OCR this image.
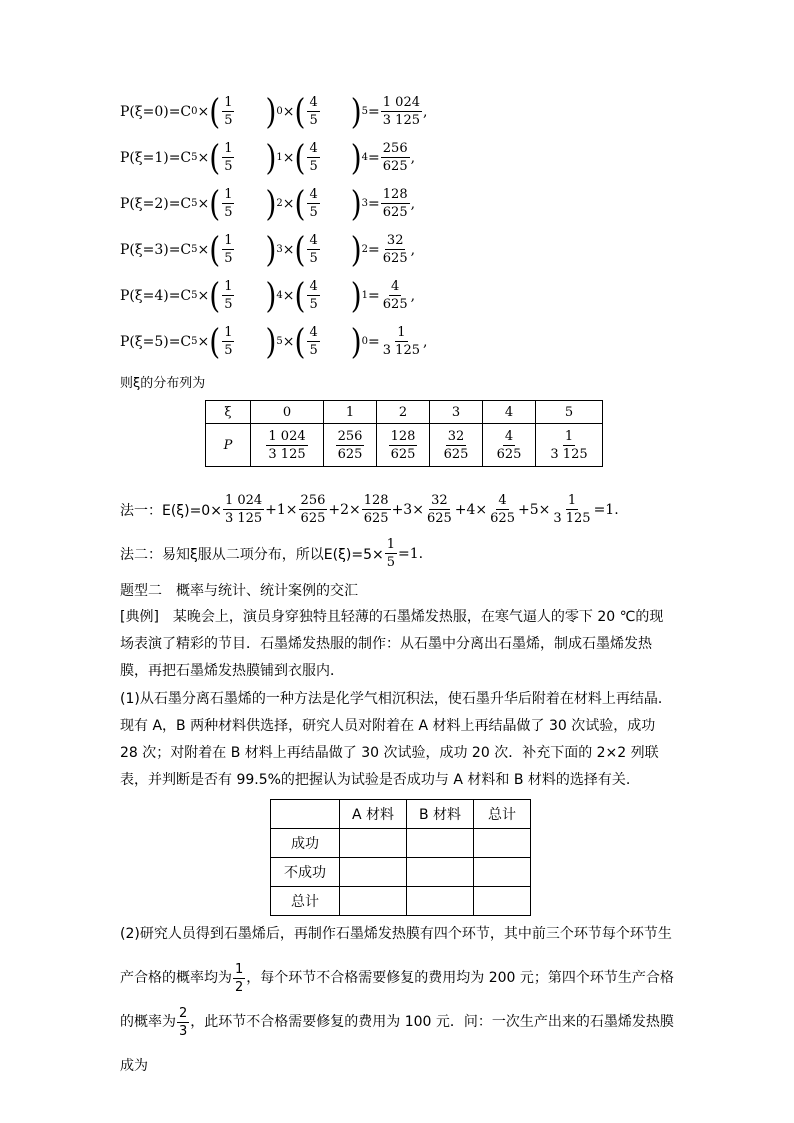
P(ξ=0)=C 0 × ( $\frac{1}{5}$ ) 0 × ( $\frac{4}{5}$ ) $5 = \frac{1 024}{3 125}$ ,
P(ξ=1)=C 5 × ( $\frac{1}{5}$ ) 1 × ( $\frac{4}{5}$ ) $4 = \frac{256}{625}$ ,
P(ξ=2)=C 5 × ( $\frac{1}{5}$ ) 2 × ( $\frac{4}{5}$ ) $3 = \frac{128}{625}$ ,
P(ξ=3)=C 5 × ( $\frac{1}{5}$ ) 3 × ( $\frac{4}{5}$ ) $2 = \frac{32}{625}$ ,
P(ξ=4)=C 5 × ( $\frac{1}{5}$ ) 4 × ( $\frac{4}{5}$ ) $1 = \frac{4}{625}$ ,
P(ξ=5)=C 5 × ( $\frac{1}{5}$ ) 5 × ( $\frac{4}{5}$ ) $0 = \frac{1}{3 125}$ ,
则ξ的分布列为
ξ	0	1	2	3	4	5
P	$\frac{1 024}{3 125}$	$\frac{256}{625}$	$\frac{128}{625}$	$\frac{32}{625}$	$\frac{4}{625}$	$\frac{1}{3 125}$
法一：$E(\xi)=0\times \frac{1 024}{3 125} +1\times \frac{256}{625} +2\times \frac{128}{625} +3\times \frac{32}{625} +4\times \frac{4}{625} +5\times \frac{1}{3 125} =1$.
法二：易知ξ服从二项分布，所以$E(\xi)=5\times \frac{1}{5} =1$.
题型二　概率与统计、统计案例的交汇
[典例]　某晚会上，演员身穿独特且轻薄的石墨烯发热服，在寒气逼人的零下 20 ℃的现场表演了精彩的节目．石墨烯发热服的制作：从石墨中分离出石墨烯，制成石墨烯发热膜，再把石墨烯发热膜铺到衣服内．
(1)从石墨分离石墨烯的一种方法是化学气相沉积法，使石墨升华后附着在材料上再结晶．现有 A，B 两种材料供选择，研究人员对附着在 A 材料上再结晶做了 30 次试验，成功 28 次；对附着在 B 材料上再结晶做了 30 次试验，成功 20 次．补充下面的 2×2 列联表，并判断是否有 99.5%的把握认为试验是否成功与 A 材料和 B 材料的选择有关.
	A 材料	B 材料	总计
成功			
不成功			
总计			
(2)研究人员得到石墨烯后，再制作石墨烯发热膜有四个环节，其中前三个环节每个环节生产合格的概率均为 $\frac{1}{2}$ ，每个环节不合格需要修复的费用均为 200 元；第四个环节生产合格的概率为 $\frac{2}{3}$ ，此环节不合格需要修复的费用为 100 元．问：一次生产出来的石墨烯发热膜成为
